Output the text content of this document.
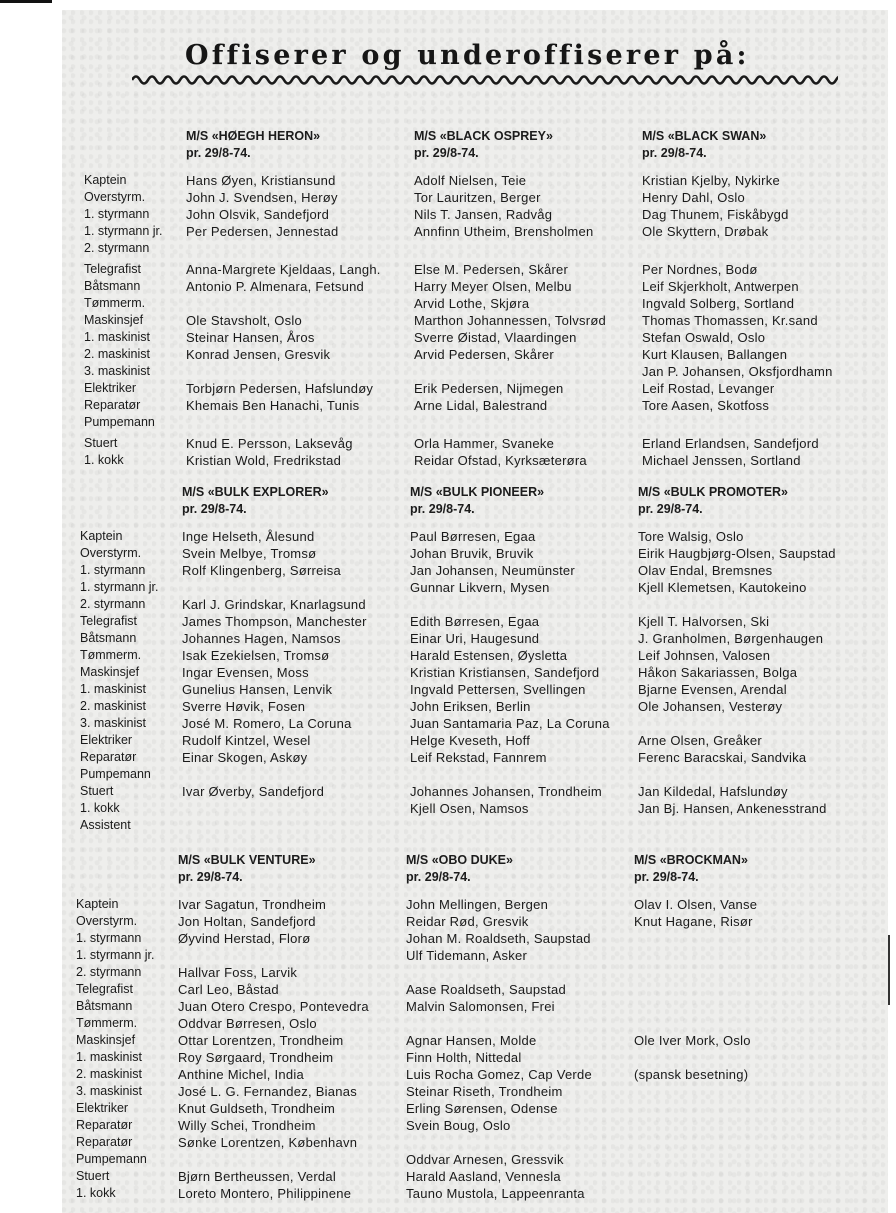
Offiserer og underoffiserer på:
M/S «HØEGH HERON»
pr. 29/8-74.
M/S «BLACK OSPREY»
pr. 29/8-74.
M/S «BLACK SWAN»
pr. 29/8-74.
Kaptein
Overstyrm.
1. styrmann
1. styrmann jr.
2. styrmann
Telegrafist
Båtsmann
Tømmerm.
Maskinsjef
1. maskinist
2. maskinist
3. maskinist
Elektriker
Reparatør
Pumpemann
Stuert
1. kokk
Hans Øyen, Kristiansund
John J. Svendsen, Herøy
John Olsvik, Sandefjord
Per Pedersen, Jennestad
Anna-Margrete Kjeldaas, Langh.
Antonio P. Almenara, Fetsund
Ole Stavsholt, Oslo
Steinar Hansen, Åros
Konrad Jensen, Gresvik
Torbjørn Pedersen, Hafslundøy
Khemais Ben Hanachi, Tunis
Knud E. Persson, Laksevåg
Kristian Wold, Fredrikstad
Adolf Nielsen, Teie
Tor Lauritzen, Berger
Nils T. Jansen, Radvåg
Annfinn Utheim, Brensholmen
Else M. Pedersen, Skårer
Harry Meyer Olsen, Melbu
Arvid Lothe, Skjøra
Marthon Johannessen, Tolvsrød
Sverre Øistad, Vlaardingen
Arvid Pedersen, Skårer
Erik Pedersen, Nijmegen
Arne Lidal, Balestrand
Orla Hammer, Svaneke
Reidar Ofstad, Kyrksæterøra
Kristian Kjelby, Nykirke
Henry Dahl, Oslo
Dag Thunem, Fiskåbygd
Ole Skyttern, Drøbak
Per Nordnes, Bodø
Leif Skjerkholt, Antwerpen
Ingvald Solberg, Sortland
Thomas Thomassen, Kr.sand
Stefan Oswald, Oslo
Kurt Klausen, Ballangen
Jan P. Johansen, Oksfjordhamn
Leif Rostad, Levanger
Tore Aasen, Skotfoss
Erland Erlandsen, Sandefjord
Michael Jenssen, Sortland
M/S «BULK EXPLORER»
pr. 29/8-74.
M/S «BULK PIONEER»
pr. 29/8-74.
M/S «BULK PROMOTER»
pr. 29/8-74.
Kaptein
Overstyrm.
1. styrmann
1. styrmann jr.
2. styrmann
Telegrafist
Båtsmann
Tømmerm.
Maskinsjef
1. maskinist
2. maskinist
3. maskinist
Elektriker
Reparatør
Pumpemann
Stuert
1. kokk
Assistent
Inge Helseth, Ålesund
Svein Melbye, Tromsø
Rolf Klingenberg, Sørreisa
Karl J. Grindskar, Knarlagsund
James Thompson, Manchester
Johannes Hagen, Namsos
Isak Ezekielsen, Tromsø
Ingar Evensen, Moss
Gunelius Hansen, Lenvik
Sverre Høvik, Fosen
José M. Romero, La Coruna
Rudolf Kintzel, Wesel
Einar Skogen, Askøy
Ivar Øverby, Sandefjord
Paul Børresen, Egaa
Johan Bruvik, Bruvik
Jan Johansen, Neumünster
Gunnar Likvern, Mysen
Edith Børresen, Egaa
Einar Uri, Haugesund
Harald Estensen, Øysletta
Kristian Kristiansen, Sandefjord
Ingvald Pettersen, Svellingen
John Eriksen, Berlin
Juan Santamaria Paz, La Coruna
Helge Kveseth, Hoff
Leif Rekstad, Fannrem
Johannes Johansen, Trondheim
Kjell Osen, Namsos
Tore Walsig, Oslo
Eirik Haugbjørg-Olsen, Saupstad
Olav Endal, Bremsnes
Kjell Klemetsen, Kautokeino
Kjell T. Halvorsen, Ski
J. Granholmen, Børgenhaugen
Leif Johnsen, Valosen
Håkon Sakariassen, Bolga
Bjarne Evensen, Arendal
Ole Johansen, Vesterøy
Arne Olsen, Greåker
Ferenc Baracskai, Sandvika
Jan Kildedal, Hafslundøy
Jan Bj. Hansen, Ankenesstrand
M/S «BULK VENTURE»
pr. 29/8-74.
M/S «OBO DUKE»
pr. 29/8-74.
M/S «BROCKMAN»
pr. 29/8-74.
Kaptein
Overstyrm.
1. styrmann
1. styrmann jr.
2. styrmann
Telegrafist
Båtsmann
Tømmerm.
Maskinsjef
1. maskinist
2. maskinist
3. maskinist
Elektriker
Reparatør
Reparatør
Pumpemann
Stuert
1. kokk
Ivar Sagatun, Trondheim
Jon Holtan, Sandefjord
Øyvind Herstad, Florø
Hallvar Foss, Larvik
Carl Leo, Båstad
Juan Otero Crespo, Pontevedra
Oddvar Børresen, Oslo
Ottar Lorentzen, Trondheim
Roy Sørgaard, Trondheim
Anthine Michel, India
José L. G. Fernandez, Bianas
Knut Guldseth, Trondheim
Willy Schei, Trondheim
Sønke Lorentzen, København
Bjørn Bertheussen, Verdal
Loreto Montero, Philippinene
John Mellingen, Bergen
Reidar Rød, Gresvik
Johan M. Roaldseth, Saupstad
Ulf Tidemann, Asker
Aase Roaldseth, Saupstad
Malvin Salomonsen, Frei
Agnar Hansen, Molde
Finn Holth, Nittedal
Luis Rocha Gomez, Cap Verde
Steinar Riseth, Trondheim
Erling Sørensen, Odense
Svein Boug, Oslo
Oddvar Arnesen, Gressvik
Harald Aasland, Vennesla
Tauno Mustola, Lappeenranta
Olav I. Olsen, Vanse
Knut Hagane, Risør
Ole Iver Mork, Oslo
(spansk besetning)
